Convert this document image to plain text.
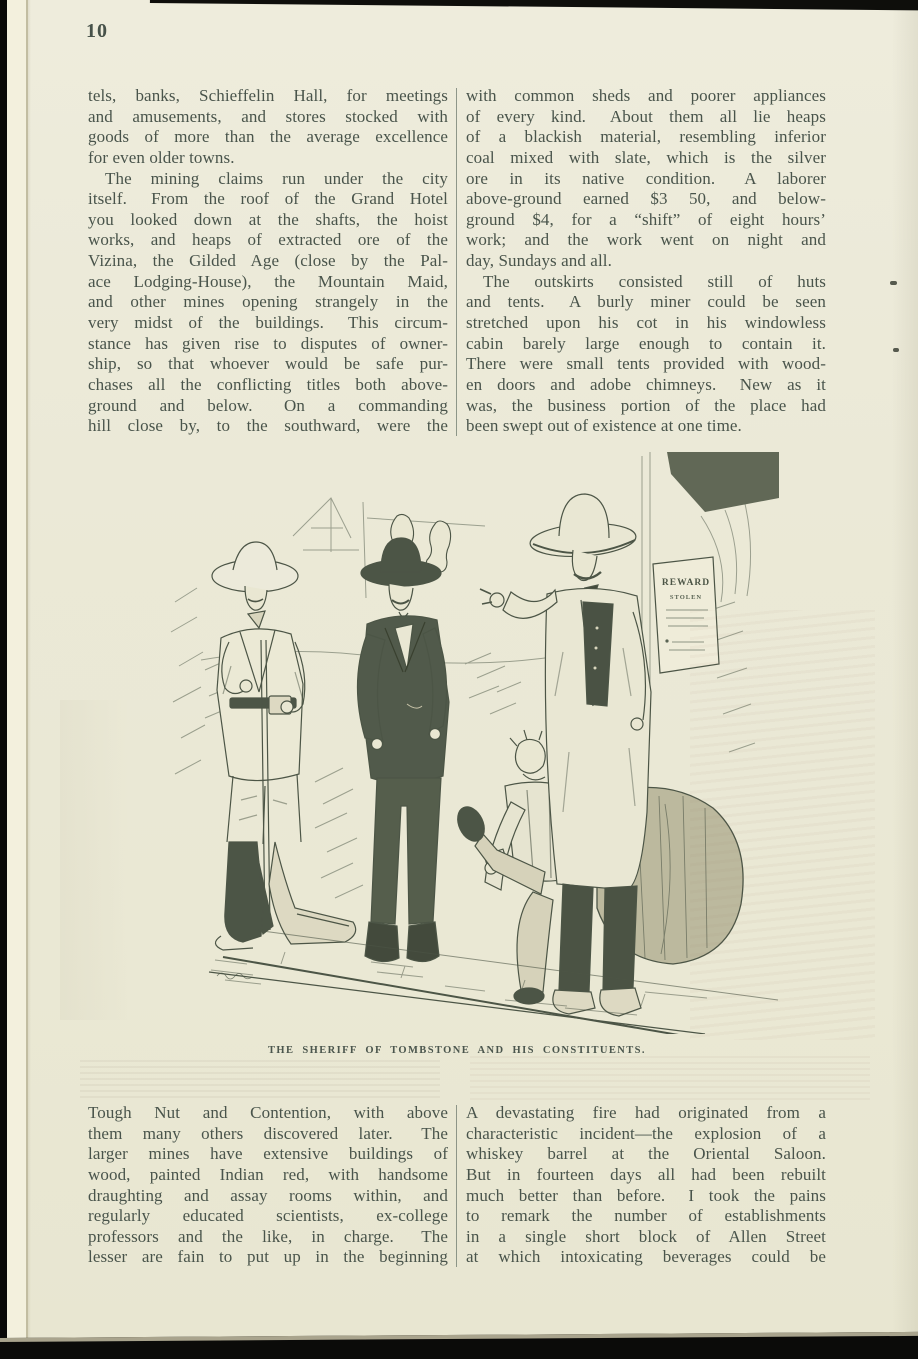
10
tels, banks, Schieffelin Hall, for meetings
and amusements, and stores stocked with
goods of more than the average excellence
for even older towns.
The mining claims run under the city
itself.  From the roof of the Grand Hotel
you looked down at the shafts, the hoist
works, and heaps of extracted ore of the
Vizina, the Gilded Age (close by the Pal-
ace Lodging-House), the Mountain Maid,
and other mines opening strangely in the
very midst of the buildings.  This circum-
stance has given rise to disputes of owner-
ship, so that whoever would be safe pur-
chases all the conflicting titles both above-
ground and below.  On a commanding
hill close by, to the southward, were the
with common sheds and poorer appliances
of every kind.  About them all lie heaps
of a blackish material, resembling inferior
coal mixed with slate, which is the silver
ore in its native condition.  A laborer
above-ground earned $3 50, and below-
ground $4, for a “shift” of eight hours’
work; and the work went on night and
day, Sundays and all.
The outskirts consisted still of huts
and tents.  A burly miner could be seen
stretched upon his cot in his windowless
cabin barely large enough to contain it.
There were small tents provided with wood-
en doors and adobe chimneys.  New as it
was, the business portion of the place had
been swept out of existence at one time.
REWARD
STOLEN
THE SHERIFF OF TOMBSTONE AND HIS CONSTITUENTS.
Tough Nut and Contention, with above
them many others discovered later.  The
larger mines have extensive buildings of
wood, painted Indian red, with handsome
draughting and assay rooms within, and
regularly educated scientists, ex-college
professors and the like, in charge.  The
lesser are fain to put up in the beginning
A devastating fire had originated from a
characteristic incident—the explosion of a
whiskey barrel at the Oriental Saloon.
But in fourteen days all had been rebuilt
much better than before.  I took the pains
to remark the number of establishments
in a single short block of Allen Street
at which intoxicating beverages could be
